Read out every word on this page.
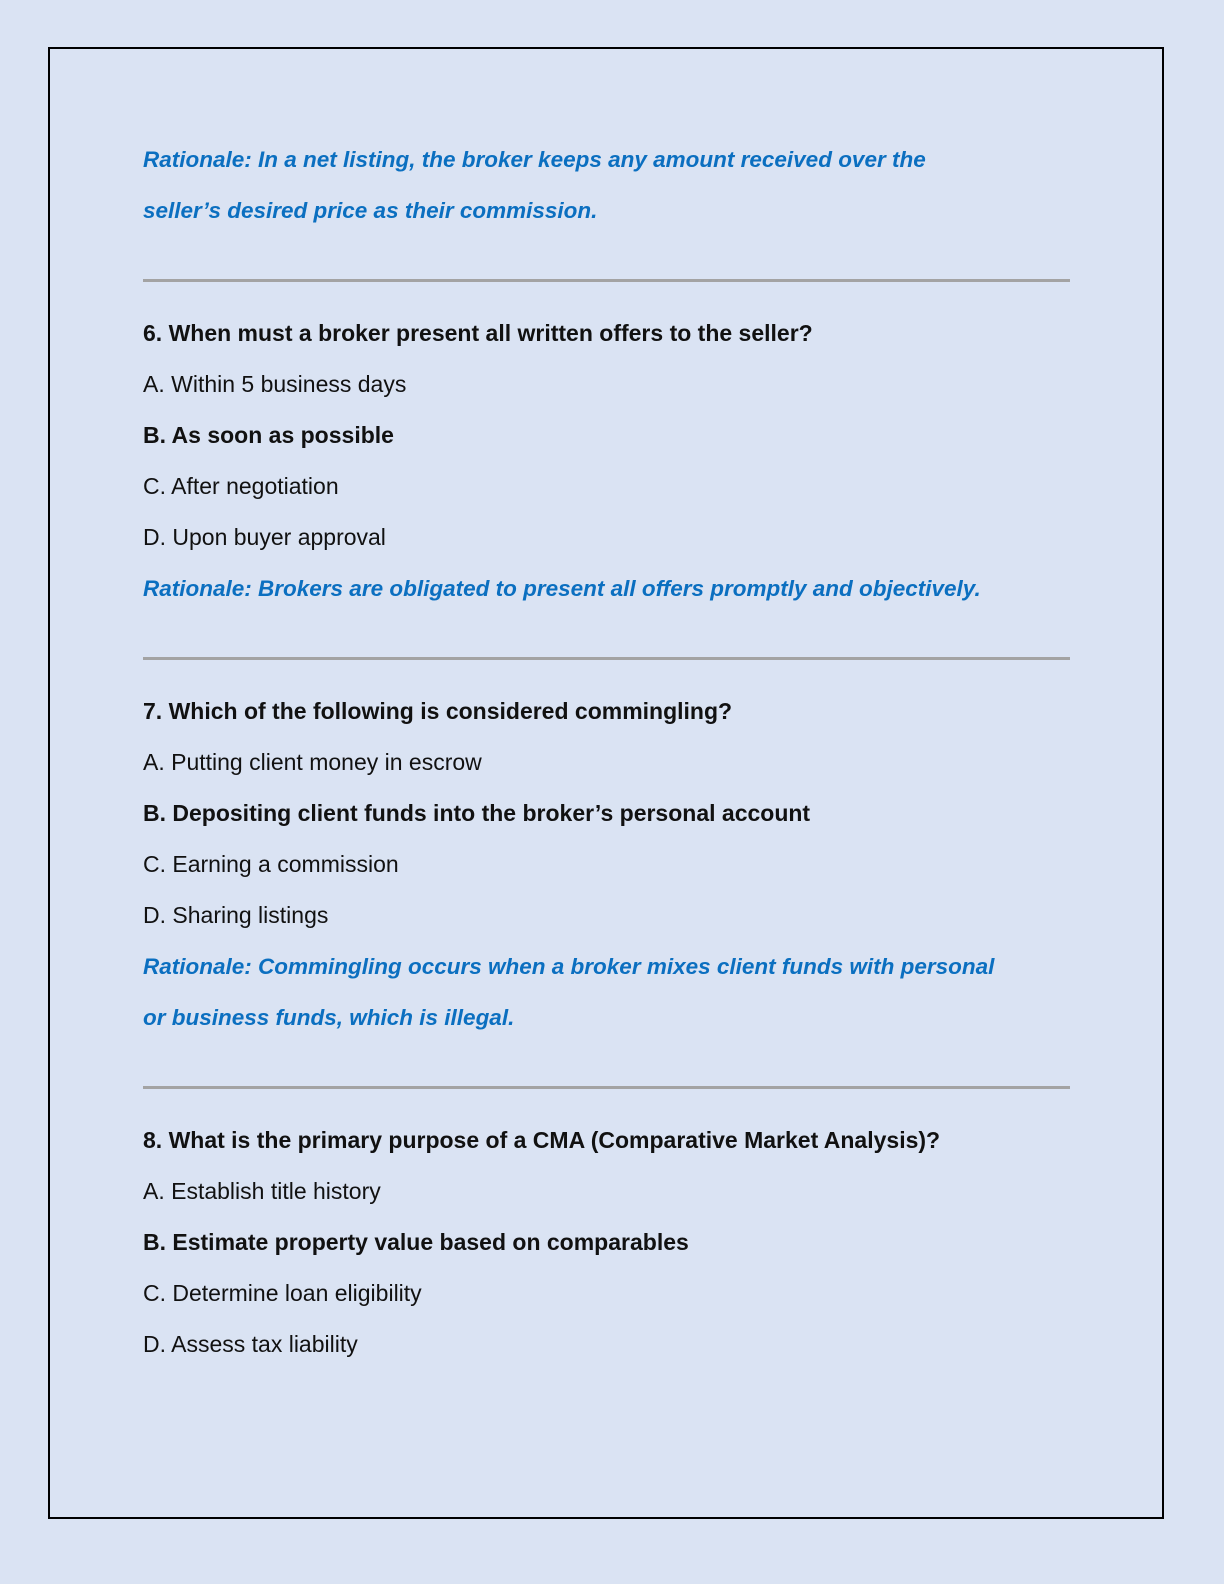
Rationale: In a net listing, the broker keeps any amount received over the
seller’s desired price as their commission.
6. When must a broker present all written offers to the seller?
A. Within 5 business days
B. As soon as possible
C. After negotiation
D. Upon buyer approval
Rationale: Brokers are obligated to present all offers promptly and objectively.
7. Which of the following is considered commingling?
A. Putting client money in escrow
B. Depositing client funds into the broker’s personal account
C. Earning a commission
D. Sharing listings
Rationale: Commingling occurs when a broker mixes client funds with personal
or business funds, which is illegal.
8. What is the primary purpose of a CMA (Comparative Market Analysis)?
A. Establish title history
B. Estimate property value based on comparables
C. Determine loan eligibility
D. Assess tax liability
